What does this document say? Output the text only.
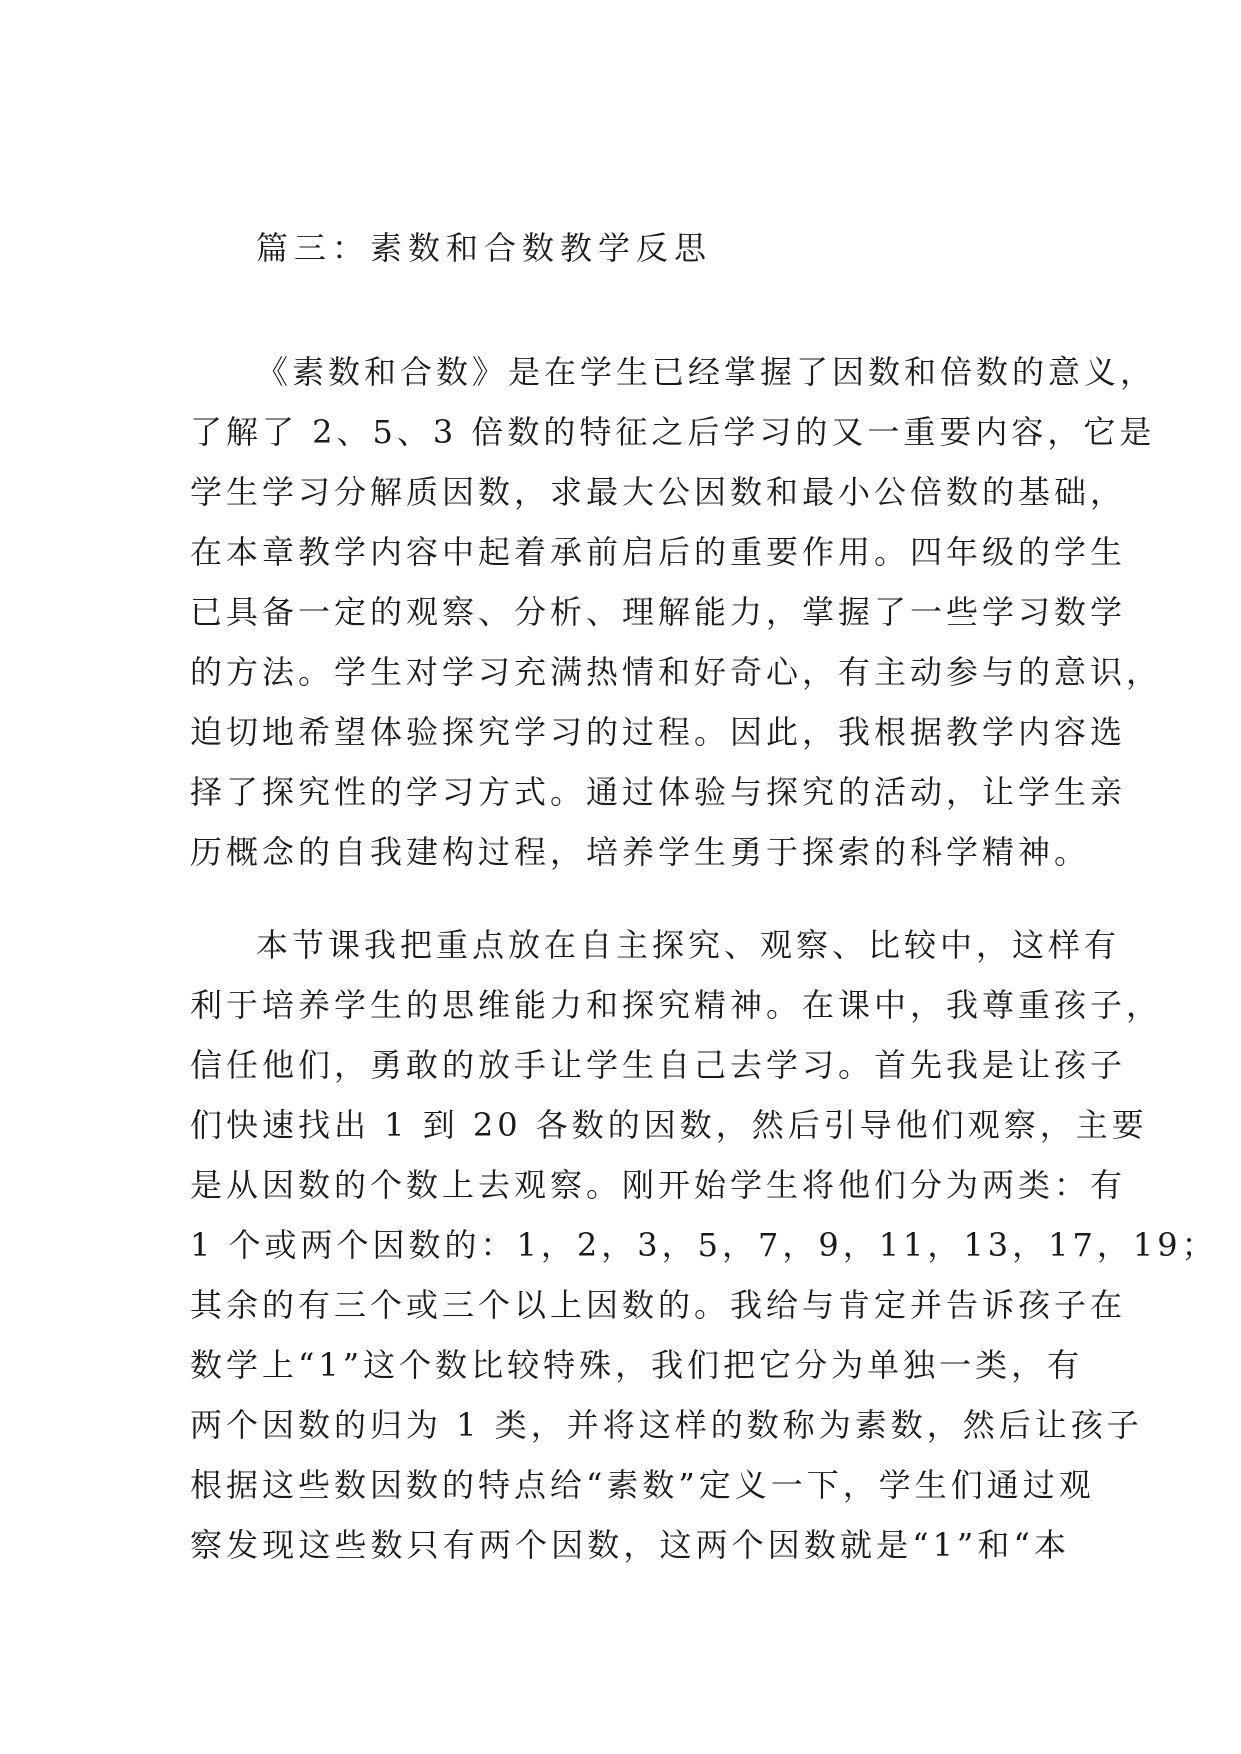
篇三：素数和合数教学反思
《素数和合数》是在学生已经掌握了因数和倍数的意义，
了解了 2、5、3 倍数的特征之后学习的又一重要内容，它是
学生学习分解质因数，求最大公因数和最小公倍数的基础，
在本章教学内容中起着承前启后的重要作用。四年级的学生
已具备一定的观察、分析、理解能力，掌握了一些学习数学
的方法。学生对学习充满热情和好奇心，有主动参与的意识，
迫切地希望体验探究学习的过程。因此，我根据教学内容选
择了探究性的学习方式。通过体验与探究的活动，让学生亲
历概念的自我建构过程，培养学生勇于探索的科学精神。
本节课我把重点放在自主探究、观察、比较中，这样有
利于培养学生的思维能力和探究精神。在课中，我尊重孩子，
信任他们，勇敢的放手让学生自己去学习。首先我是让孩子
们快速找出 1 到 20 各数的因数，然后引导他们观察，主要
是从因数的个数上去观察。刚开始学生将他们分为两类：有
1 个或两个因数的：1，2，3，5，7，9，11，13，17，19；
其余的有三个或三个以上因数的。我给与肯定并告诉孩子在
数学上“1”这个数比较特殊，我们把它分为单独一类，有
两个因数的归为 1 类，并将这样的数称为素数，然后让孩子
根据这些数因数的特点给“素数”定义一下，学生们通过观
察发现这些数只有两个因数，这两个因数就是“1”和“本
